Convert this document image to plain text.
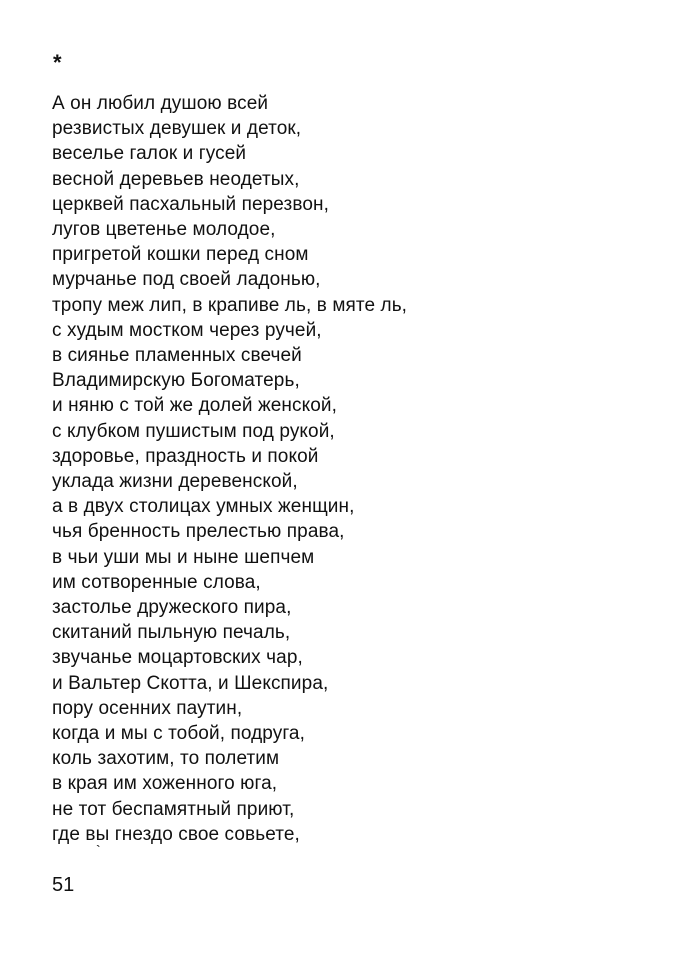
*
А он любил душою всей
резвистых девушек и деток,
веселье галок и гусей
весной деревьев неодетых,
церквей пасхальный перезвон,
лугов цветенье молодое,
пригретой кошки перед сном
мурчанье под своей ладонью,
тропу меж лип, в крапиве ль, в мяте ль,
с худым мостком через ручей,
в сиянье пламенных свечей
Владимирскую Богоматерь,
и няню с той же долей женской,
с клубком пушистым под рукой,
здоровье, праздность и покой
уклада жизни деревенской,
а в двух столицах умных женщин,
чья бренность прелестью права,
в чьи уши мы и ныне шепчем
им сотворенные слова,
застолье дружеского пира,
скитаний пыльную печаль,
звучанье моцартовских чар,
и Вальтер Скотта, и Шекспира,
пору осенних паутин,
когда и мы с тобой, подруга,
коль захотим, то полетим
в края им хоженного юга,
не тот беспамятный приют,
где вы гнездо свое совьете,
`
51
